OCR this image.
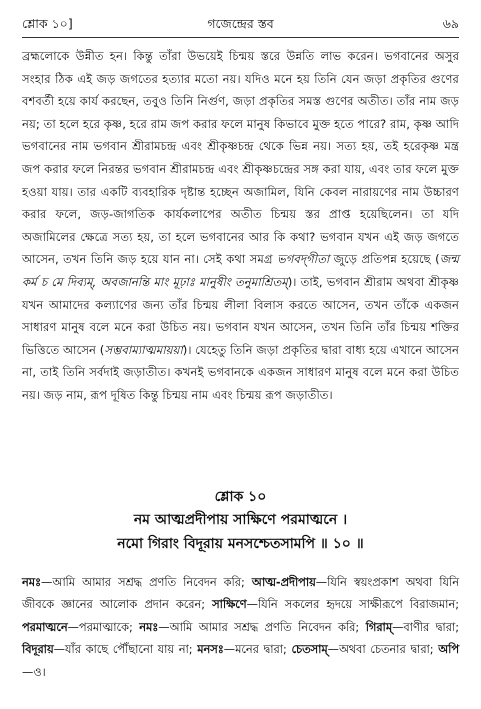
শ্লোক ১০]	গজেন্দ্রের স্তব	৬৯

ব্রহ্মলোকে উন্নীত হন। কিন্তু তাঁরা উভয়েই চিন্ময় স্তরে উন্নতি লাভ করেন। ভগবানের অসুর সংহার ঠিক এই জড় জগতের হত্যার মতো নয়। যদিও মনে হয় তিনি যেন জড়া প্রকৃতির গুণের বশবর্তী হয়ে কার্য করছেন, তবুও তিনি নির্গুণ, জড়া প্রকৃতির সমস্ত গুণের অতীত। তাঁর নাম জড় নয়; তা হলে হরে কৃষ্ণ, হরে রাম জপ করার ফলে মানুষ কিভাবে মুক্ত হতে পারে? রাম, কৃষ্ণ আদি ভগবানের নাম ভগবান শ্রীরামচন্দ্র এবং শ্রীকৃষ্ণচন্দ্র থেকে ভিন্ন নয়। সত্য হয়, তই হরেকৃষ্ণ মন্ত্র জপ করার ফলে নিরন্তর ভগবান শ্রীরামচন্দ্র এবং শ্রীকৃষ্ণচন্দ্রের সঙ্গ করা যায়, এবং তার ফলে মুক্ত হওয়া যায়। তার একটি ব্যবহারিক দৃষ্টান্ত হচ্ছেন অজামিল, যিনি কেবল নারায়ণের নাম উচ্চারণ করার ফলে, জড়-জাগতিক কার্যকলাপের অতীত চিন্ময় স্তর প্রাপ্ত হয়েছিলেন। তা যদি অজামিলের ক্ষেত্রে সত্য হয়, তা হলে ভগবানের আর কি কথা? ভগবান যখন এই জড় জগতে আসেন, তখন তিনি জড় হয়ে যান না। সেই কথা সমগ্র ভগবদ্‌গীতা জুড়ে প্রতিপন্ন হয়েছে (জন্ম কর্ম চ মে দিব্যম্‌, অবজানন্তি মাং মূঢ়াঃ মানুষীং তনুমাশ্রিতম্‌)। তাই, ভগবান শ্রীরাম অথবা শ্রীকৃষ্ণ যখন আমাদের কল্যাণের জন্য তাঁর চিন্ময় লীলা বিলাস করতে আসেন, তখন তাঁকে একজন সাধারণ মানুষ বলে মনে করা উচিত নয়। ভগবান যখন আসেন, তখন তিনি তাঁর চিন্ময় শক্তির ভিত্তিতে আসেন (সম্ভবাম্যাত্মমায়য়া)। যেহেতু তিনি জড়া প্রকৃতির দ্বারা বাধ্য হয়ে এখানে আসেন না, তাই তিনি সর্বদাই জড়াতীত। কখনই ভগবানকে একজন সাধারণ মানুষ বলে মনে করা উচিত নয়। জড় নাম, রূপ দূষিত কিন্তু চিন্ময় নাম এবং চিন্ময় রূপ জড়াতীত।

শ্লোক ১০
নম আত্মপ্রদীপায় সাক্ষিণে পরমাত্মনে ।
নমো গিরাং বিদূরায় মনসশ্চেতসামপি ॥ ১০ ॥

নমঃ—আমি আমার সশ্রদ্ধ প্রণতি নিবেদন করি; আত্ম-প্রদীপায়—যিনি স্বয়ংপ্রকাশ অথবা যিনি জীবকে জ্ঞানের আলোক প্রদান করেন; সাক্ষিণে—যিনি সকলের হৃদয়ে সাক্ষীরূপে বিরাজমান; পরমাত্মনে—পরমাত্মাকে; নমঃ—আমি আমার সশ্রদ্ধ প্রণতি নিবেদন করি; গিরাম্‌—বাণীর দ্বারা; বিদূরায়—যাঁর কাছে পৌঁছানো যায় না; মনসঃ—মনের দ্বারা; চেতসাম্‌—অথবা চেতনার দ্বারা; অপি—ও।
